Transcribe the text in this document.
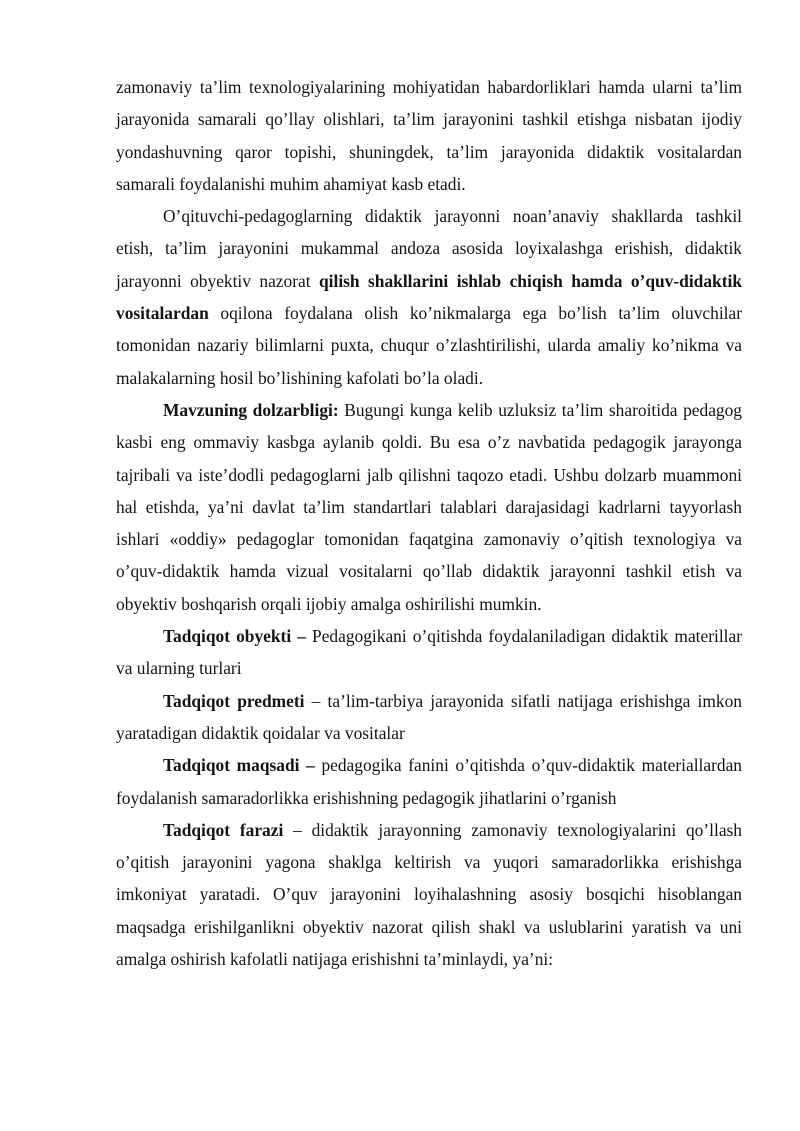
zamonaviy ta’lim texnologiyalarining mohiyatidan habardorliklari hamda ularni ta’lim jarayonida samarali qo’llay olishlari, ta’lim jarayonini tashkil etishga nisbatan ijodiy yondashuvning qaror topishi, shuningdek, ta’lim jarayonida didaktik vositalardan samarali foydalanishi muhim ahamiyat kasb etadi.

O’qituvchi-pedagoglarning didaktik jarayonni noan’anaviy shakllarda tashkil etish, ta’lim jarayonini mukammal andoza asosida loyixalashga erishish, didaktik jarayonni obyektiv nazorat qilish shakllarini ishlab chiqish hamda o’quv-didaktik vositalardan oqilona foydalana olish ko’nikmalarga ega bo’lish ta’lim oluvchilar tomonidan nazariy bilimlarni puxta, chuqur o’zlashtirilishi, ularda amaliy ko’nikma va malakalarning hosil bo’lishining kafolati bo’la oladi.

Mavzuning dolzarbligi: Bugungi kunga kelib uzluksiz ta’lim sharoitida pedagog kasbi eng ommaviy kasbga aylanib qoldi. Bu esa o’z navbatida pedagogik jarayonga tajribali va iste’dodli pedagoglarni jalb qilishni taqozo etadi. Ushbu dolzarb muammoni hal etishda, ya’ni davlat ta’lim standartlari talablari darajasidagi kadrlarni tayyorlash ishlari «oddiy» pedagoglar tomonidan faqatgina zamonaviy o’qitish texnologiya va o’quv-didaktik hamda vizual vositalarni qo’llab didaktik jarayonni tashkil etish va obyektiv boshqarish orqali ijobiy amalga oshirilishi mumkin.

Tadqiqot obyekti – Pedagogikani o’qitishda foydalaniladigan didaktik materillar va ularning turlari

Tadqiqot predmeti – ta’lim-tarbiya jarayonida sifatli natijaga erishishga imkon yaratadigan didaktik qoidalar va vositalar

Tadqiqot maqsadi – pedagogika fanini o’qitishda o’quv-didaktik materiallardan foydalanish samaradorlikka erishishning pedagogik jihatlarini o’rganish

Tadqiqot farazi – didaktik jarayonning zamonaviy texnologiyalarini qo’llash o’qitish jarayonini yagona shaklga keltirish va yuqori samaradorlikka erishishga imkoniyat yaratadi. O’quv jarayonini loyihalashning asosiy bosqichi hisoblangan maqsadga erishilganlikni obyektiv nazorat qilish shakl va uslublarini yaratish va uni amalga oshirish kafolatli natijaga erishishni ta’minlaydi, ya’ni:
